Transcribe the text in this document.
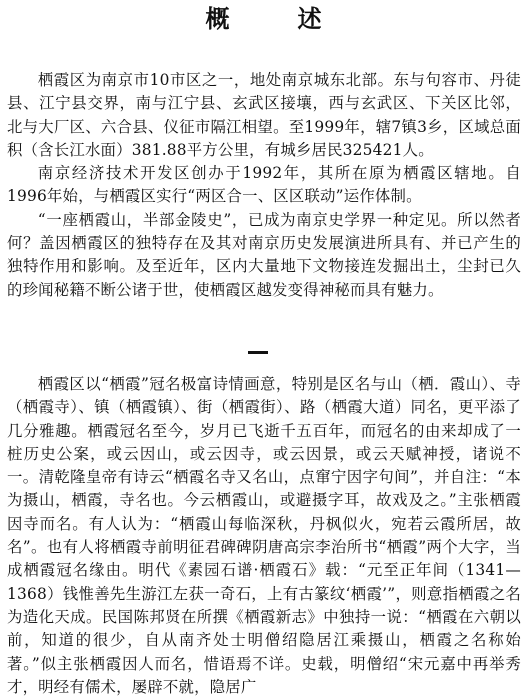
概　述

栖霞区为南京市10市区之一，地处南京城东北部。东与句容市、丹徒县、江宁县交界，南与江宁县、玄武区接壤，西与玄武区、下关区比邻，北与大厂区、六合县、仪征市隔江相望。至1999年，辖7镇3乡，区域总面积（含长江水面）381.88平方公里，有城乡居民325421人。

南京经济技术开发区创办于1992年，其所在原为栖霞区辖地。自1996年始，与栖霞区实行“两区合一、区区联动”运作体制。

“一座栖霞山，半部金陵史”，已成为南京史学界一种定见。所以然者何？盖因栖霞区的独特存在及其对南京历史发展演进所具有、并已产生的独特作用和影响。及至近年，区内大量地下文物接连发掘出土，尘封已久的珍闻秘籍不断公诸于世，使栖霞区越发变得神秘而具有魅力。

栖霞区以“栖霞”冠名极富诗情画意，特别是区名与山（栖．霞山）、寺（栖霞寺）、镇（栖霞镇）、街（栖霞街）、路（栖霞大道）同名，更平添了几分雅趣。栖霞冠名至今，岁月已飞逝千五百年，而冠名的由来却成了一桩历史公案，或云因山，或云因寺，或云因景，或云天赋神授，诸说不一。清乾隆皇帝有诗云“栖霞名寺又名山，点窜宁因字句间”，并自注：“本为摄山，栖霞，寺名也。今云栖霞山，或避摄字耳，故戏及之。”主张栖霞因寺而名。有人认为：“栖霞山每临深秋，丹枫似火，宛若云霞所居，故名”。也有人将栖霞寺前明征君碑碑阴唐高宗李治所书“栖霞”两个大字，当成栖霞冠名缘由。明代《素园石谱·栖霞石》载：“元至正年间（1341—1368）钱惟善先生游江左获一奇石，上有古篆纹‘栖霞’”，则意指栖霞之名为造化天成。民国陈邦贤在所撰《栖霞新志》中独持一说：“栖霞在六朝以前，知道的很少，自从南齐处士明僧绍隐居江乘摄山，栖霞之名称始著。”似主张栖霞因人而名，惜语焉不详。史载，明僧绍“宋元嘉中再举秀才，明经有儒术，屡辟不就，隐居广
